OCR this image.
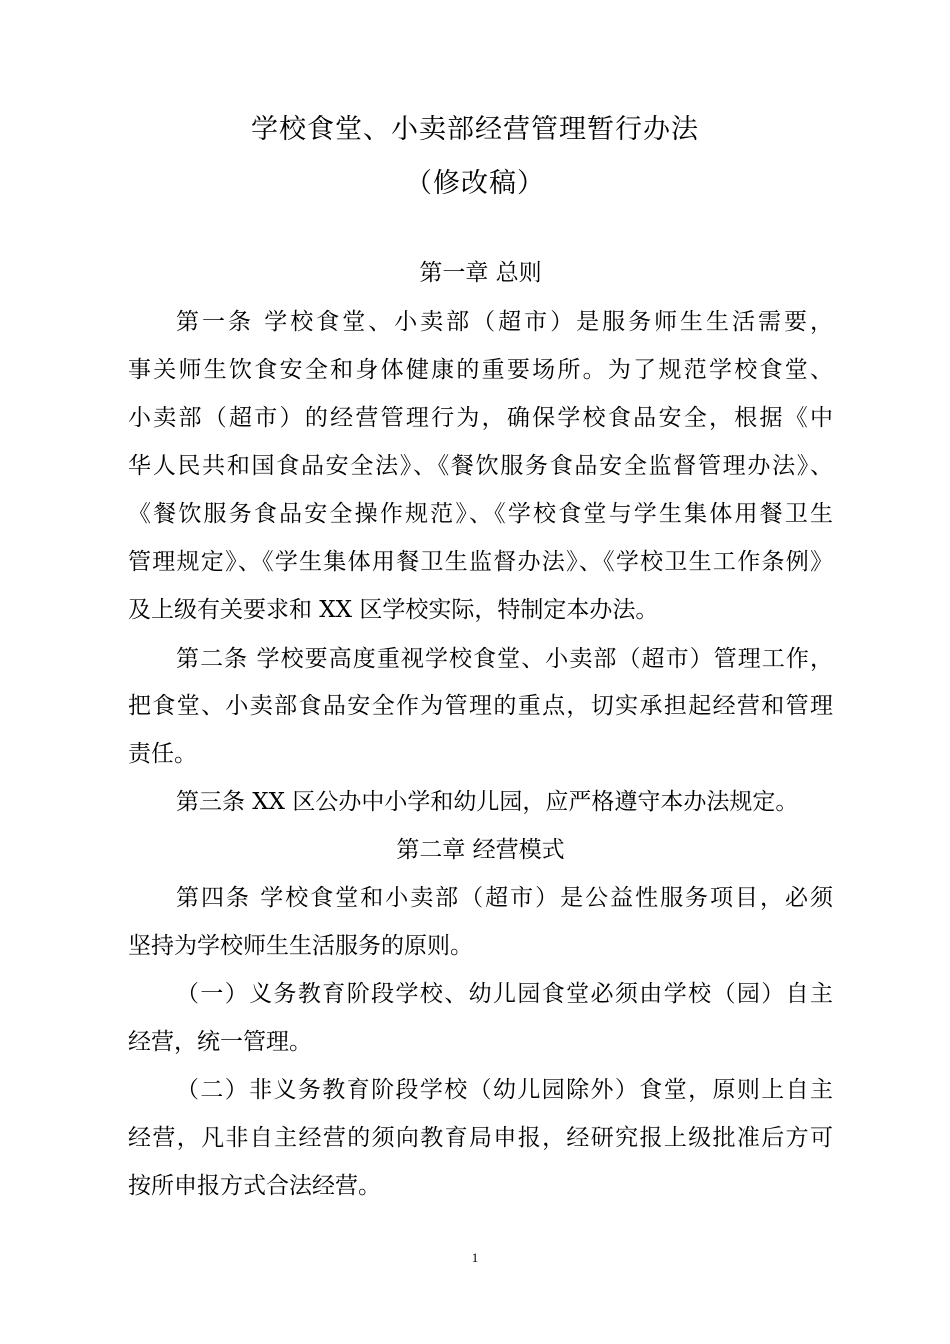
学校食堂、小卖部经营管理暂行办法
（修改稿）
第一章 总则
第一条 学校食堂、小卖部（超市）是服务师生生活需要，
事关师生饮食安全和身体健康的重要场所。为了规范学校食堂、
小卖部（超市）的经营管理行为，确保学校食品安全，根据《中
华人民共和国食品安全法》、《餐饮服务食品安全监督管理办法》、
《餐饮服务食品安全操作规范》、《学校食堂与学生集体用餐卫生
管理规定》、《学生集体用餐卫生监督办法》、《学校卫生工作条例》
及上级有关要求和 XX 区学校实际，特制定本办法。
第二条 学校要高度重视学校食堂、小卖部（超市）管理工作，
把食堂、小卖部食品安全作为管理的重点，切实承担起经营和管理
责任。
第三条 XX 区公办中小学和幼儿园，应严格遵守本办法规定。
第二章 经营模式
第四条 学校食堂和小卖部（超市）是公益性服务项目，必须
坚持为学校师生生活服务的原则。
（一）义务教育阶段学校、幼儿园食堂必须由学校（园）自主
经营，统一管理。
（二）非义务教育阶段学校（幼儿园除外）食堂，原则上自主
经营，凡非自主经营的须向教育局申报，经研究报上级批准后方可
按所申报方式合法经营。
1
